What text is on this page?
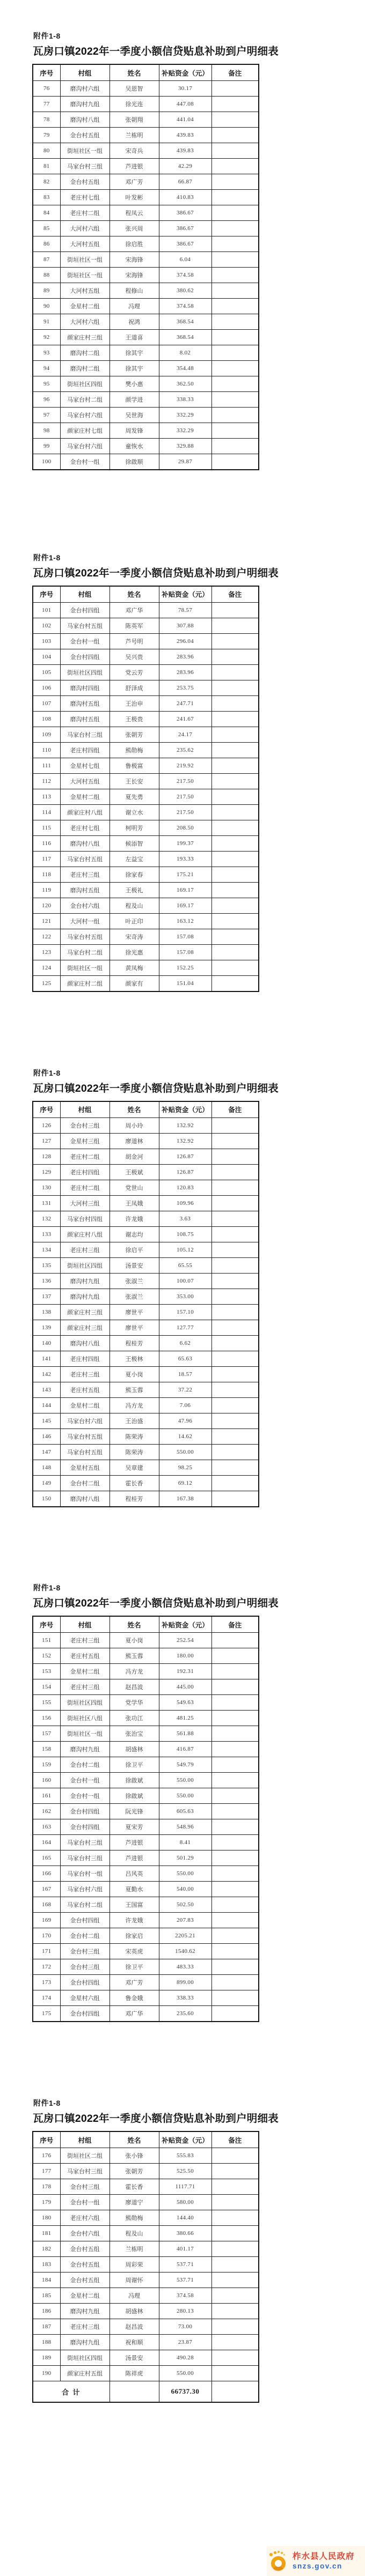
附件1-8
瓦房口镇2022年一季度小额信贷贴息补助到户明细表
序号	村组	姓名	补贴资金（元）	备注
76	磨沟村六组	吴恩智	30.17	
77	磨沟村九组	徐光连	447.08	
78	磨沟村八组	张朝翔	441.04	
79	金台村五组	兰栋明	439.83	
80	街垣社区一组	宋奇兵	439.83	
81	马家台村三组	芦进银	42.29	
82	金台村五组	邓广芳	66.87	
83	老庄村七组	叶发彬	410.83	
84	老庄村二组	程凤云	386.67	
85	大河村六组	张兴周	386.67	
86	大河村五组	徐启胜	386.67	
87	街垣社区一组	宋海锋	6.04	
88	街垣社区一组	宋海锋	374.58	
89	大河村五组	程修山	380.62	
90	金星村二组	冯理	374.58	
91	大河村六组	祝鸿	368.54	
92	颜家庄村三组	王道喜	368.54	
93	磨沟村二组	徐其宇	8.02	
94	磨沟村二组	徐其宇	354.48	
95	街垣社区四组	樊小惠	362.50	
96	马家台村二组	颜学进	338.33	
97	马家台村六组	吴世海	332.29	
98	颜家庄村七组	周发锋	332.29	
99	马家台村六组	童恢水	329.88	
100	金台村一组	徐啟顺	29.87	
附件1-8
瓦房口镇2022年一季度小额信贷贴息补助到户明细表
序号	村组	姓名	补贴资金（元）	备注
101	金台村四组	邓广华	78.57	
102	马家台村五组	陈英军	307.88	
103	金台村一组	芦号明	296.04	
104	金台村四组	吴兴贵	283.96	
105	街垣社区四组	党云芳	283.96	
106	磨沟村四组	舒泽成	253.75	
107	磨沟村五组	王治申	247.71	
108	磨沟村五组	王极贵	241.67	
109	马家台村三组	张朝芳	24.17	
110	老庄村四组	熊勋梅	235.62	
111	金星村七组	鲁极富	219.92	
112	大河村五组	王长安	217.50	
113	金星村二组	夏先勇	217.50	
114	颜家庄村八组	谢立水	217.50	
115	老庄村七组	柯明芳	208.50	
116	磨沟村八组	候添智	199.37	
117	马家台村五组	左益宝	193.33	
118	老庄村三组	徐家春	175.21	
119	磨沟村五组	王极礼	169.17	
120	金台村六组	程及山	169.17	
121	大河村一组	叶正印	163.12	
122	马家台村五组	宋奇涛	157.08	
123	马家台村二组	徐光惠	157.08	
124	街垣社区一组	黄凤梅	152.25	
125	颜家庄村二组	颜家有	151.04	
附件1-8
瓦房口镇2022年一季度小额信贷贴息补助到户明细表
序号	村组	姓名	补贴资金（元）	备注
126	金台村三组	周小玲	132.92	
127	金星村三组	廖道林	132.92	
128	老庄村二组	胡金河	126.87	
129	老庄村四组	王极斌	126.87	
130	老庄村二组	党世山	120.83	
131	大河村三组	王凤娥	109.96	
132	马家台村四组	许龙娥	3.63	
133	颜家庄村八组	谢志均	108.75	
134	老庄村三组	徐启平	105.12	
135	街垣社区四组	汤景安	65.55	
136	磨沟村九组	张淑兰	100.07	
137	磨沟村九组	张淑兰	353.00	
138	颜家庄村三组	廖世平	157.10	
139	颜家庄村三组	廖世平	127.77	
140	磨沟村八组	程桂芳	6.62	
141	老庄村四组	王极林	65.63	
142	老庄村三组	夏小岗	18.57	
143	老庄村五组	熊玉蓉	37.22	
144	金星村二组	冯方龙	7.06	
145	马家台村六组	王治盛	47.96	
146	马家台村五组	陈荣涛	14.62	
147	马家台村五组	陈荣涛	550.00	
148	金星村五组	吴章建	98.25	
149	金台村二组	霍长香	69.12	
150	磨沟村八组	程桂芳	167.38	
附件1-8
瓦房口镇2022年一季度小额信贷贴息补助到户明细表
序号	村组	姓名	补贴资金（元）	备注
151	老庄村三组	夏小岗	252.54	
152	老庄村五组	熊玉蓉	180.00	
153	金星村二组	冯方龙	192.31	
154	老庄村三组	赵昌波	445.00	
155	街垣社区四组	党学华	549.63	
156	街垣社区八组	张功江	481.25	
157	街垣社区一组	张治宝	561.88	
158	磨沟村九组	胡盛林	416.87	
159	金台村二组	徐卫平	549.79	
160	金台村一组	徐啟斌	550.00	
161	金台村一组	徐啟斌	550.00	
162	金台村四组	阮光锋	605.63	
163	金台村四组	夏宋芳	548.96	
164	马家台村三组	芦进银	8.41	
165	马家台村三组	芦进银	501.29	
166	马家台村一组	吕风英	550.00	
167	马家台村六组	夏勤水	540.00	
168	马家台村二组	王国富	502.50	
169	金台村四组	许龙娥	207.83	
170	金台村二组	徐家启	2205.21	
171	金台村三组	宋英虎	1540.62	
172	金台村三组	徐卫平	483.33	
173	金台村四组	邓广芳	899.00	
174	金星村六组	鲁金娥	338.33	
175	金台村四组	邓广华	235.60	
附件1-8
瓦房口镇2022年一季度小额信贷贴息补助到户明细表
序号	村组	姓名	补贴资金（元）	备注
176	街垣社区二组	张小锋	555.83	
177	马家台村三组	张朝芳	525.50	
178	金台村三组	霍长香	1117.71	
179	金台村一组	廖道宁	580.00	
180	老庄村六组	熊勋梅	144.40	
181	金台村六组	程及山	380.66	
182	金台村五组	兰栋明	401.17	
183	金台村五组	周彩荣	537.71	
184	金台村五组	周谢怀	537.71	
185	金星村二组	冯理	374.58	
186	磨沟村九组	胡盛林	280.13	
187	老庄村三组	赵昌波	73.00	
188	磨沟村九组	祝和顺	23.87	
189	街垣社区四组	汤景安	490.28	
190	颜家庄村五组	陈祥虎	550.00	
合 计			66737.30	
柞水县人民政府
snzs.gov.cn
